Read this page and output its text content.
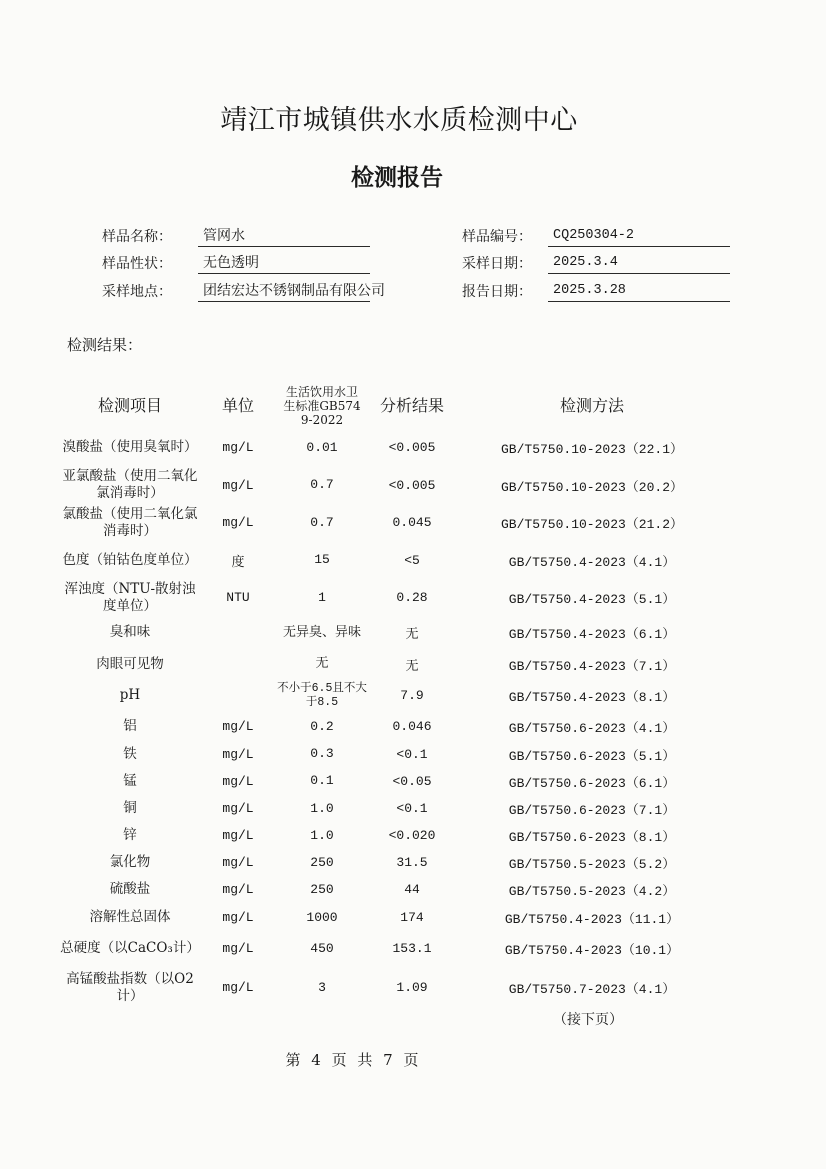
靖江市城镇供水水质检测中心
检测报告
样品名称：	管网水
样品性状：	无色透明
采样地点：	团结宏达不锈钢制品有限公司
样品编号：	CQ250304-2
采样日期：	2025.3.4
报告日期：	2025.3.28
检测结果：
检测项目	单位	生活饮用水卫生标准GB5749-2022	分析结果	检测方法
溴酸盐（使用臭氧时）	mg/L	0.01	<0.005	GB/T5750.10-2023（22.1）
亚氯酸盐（使用二氧化氯消毒时）	mg/L	0.7	<0.005	GB/T5750.10-2023（20.2）
氯酸盐（使用二氧化氯消毒时）	mg/L	0.7	0.045	GB/T5750.10-2023（21.2）
色度（铂钴色度单位）	度	15	<5	GB/T5750.4-2023（4.1）
浑浊度（NTU-散射浊度单位）	NTU	1	0.28	GB/T5750.4-2023（5.1）
臭和味		无异臭、异味	无	GB/T5750.4-2023（6.1）
肉眼可见物		无	无	GB/T5750.4-2023（7.1）
pH		不小于6.5且不大于8.5	7.9	GB/T5750.4-2023（8.1）
铝	mg/L	0.2	0.046	GB/T5750.6-2023（4.1）
铁	mg/L	0.3	<0.1	GB/T5750.6-2023（5.1）
锰	mg/L	0.1	<0.05	GB/T5750.6-2023（6.1）
铜	mg/L	1.0	<0.1	GB/T5750.6-2023（7.1）
锌	mg/L	1.0	<0.020	GB/T5750.6-2023（8.1）
氯化物	mg/L	250	31.5	GB/T5750.5-2023（5.2）
硫酸盐	mg/L	250	44	GB/T5750.5-2023（4.2）
溶解性总固体	mg/L	1000	174	GB/T5750.4-2023（11.1）
总硬度（以CaCO₃计）	mg/L	450	153.1	GB/T5750.4-2023（10.1）
高锰酸盐指数（以O2计）	mg/L	3	1.09	GB/T5750.7-2023（4.1）
（接下页）
第 4 页 共 7 页
